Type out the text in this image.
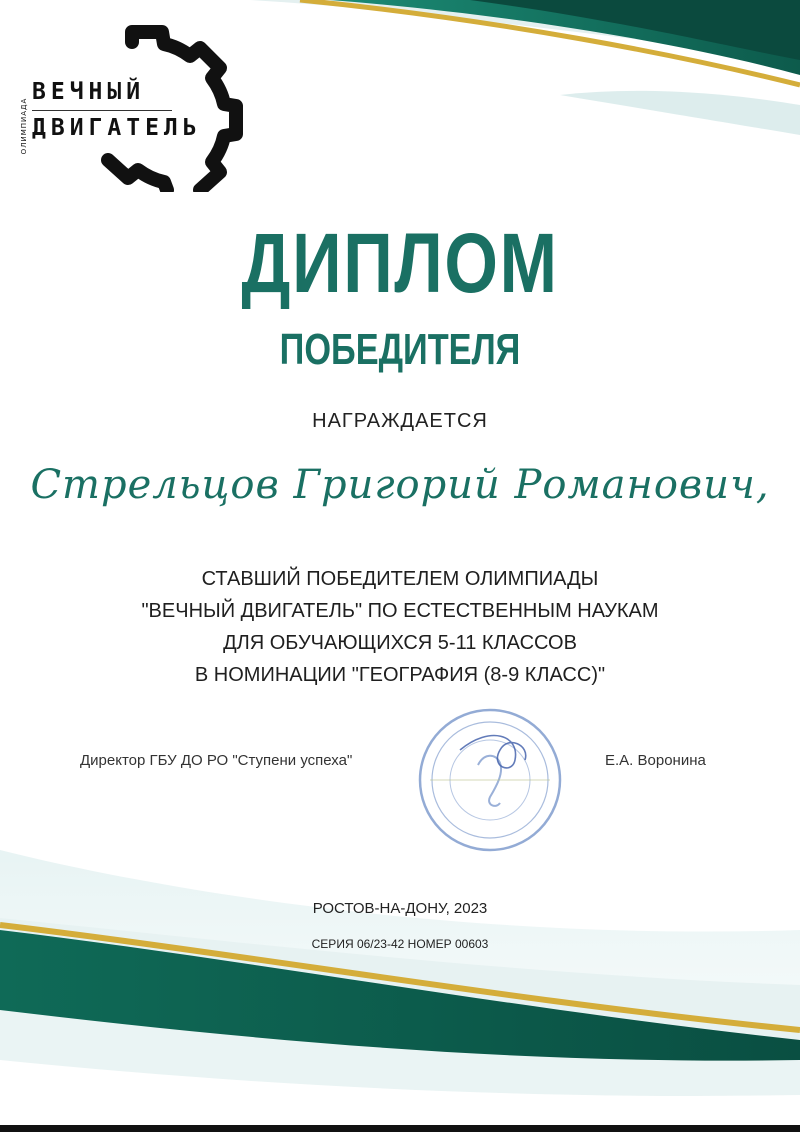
ОЛИМПИАДА
ВЕЧНЫЙ
ДВИГАТЕЛЬ
ДИПЛОМ
ПОБЕДИТЕЛЯ
НАГРАЖДАЕТСЯ
Стрельцов Григорий Романович,
СТАВШИЙ ПОБЕДИТЕЛЕМ ОЛИМПИАДЫ
"ВЕЧНЫЙ ДВИГАТЕЛЬ" ПО ЕСТЕСТВЕННЫМ НАУКАМ
ДЛЯ ОБУЧАЮЩИХСЯ 5-11 КЛАССОВ
В НОМИНАЦИИ "ГЕОГРАФИЯ (8-9 КЛАСС)"
Директор ГБУ ДО РО "Ступени успеха"	Е.А. Воронина
РОСТОВ-НА-ДОНУ, 2023
СЕРИЯ 06/23-42 НОМЕР 00603
